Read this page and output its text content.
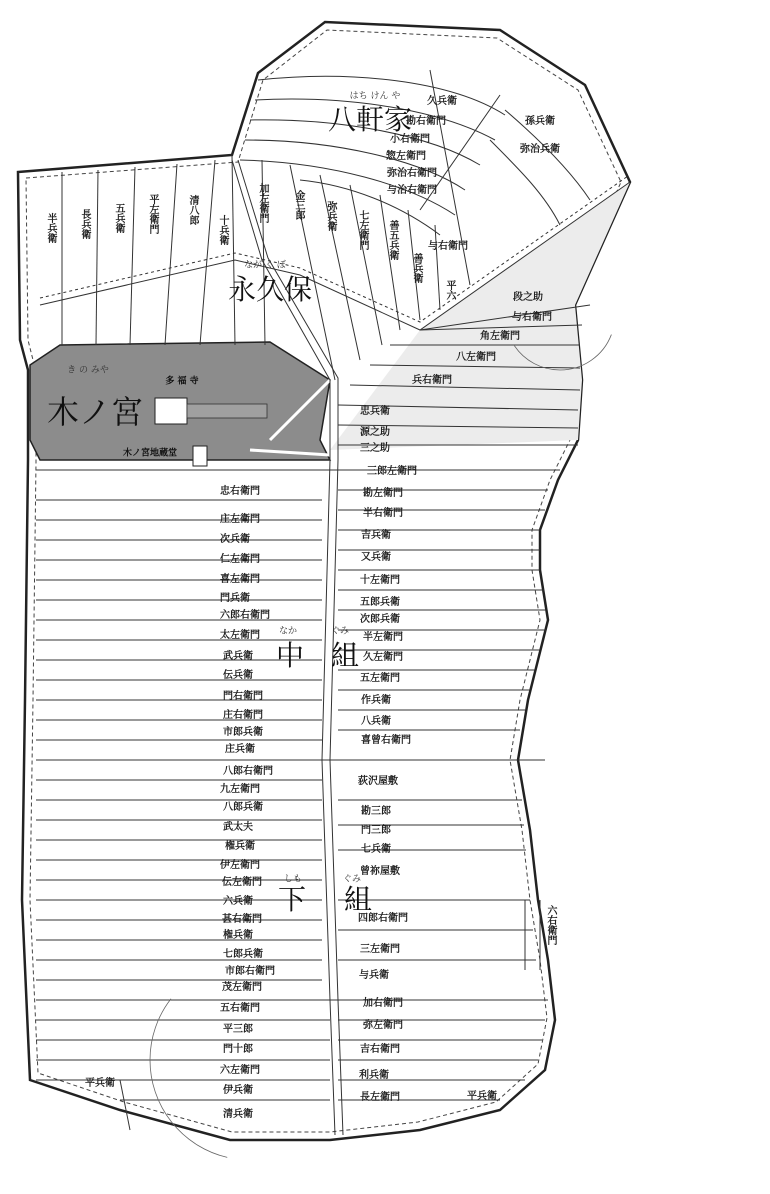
はち けん や
八軒家
なが く ぼ
永久保
き の みや
木ノ宮
なか
中
ぐみ
組
しも
下
ぐみ
組
多 福 寺
木ノ宮地蔵堂
荻沢屋敷
曾祢屋敷
半兵衛 長兵衛 五兵衛 平左衛門	清八郎
十兵衛
加左衛門	金三郎 弥兵衛 七左衛門 善五兵衛
善兵衛
平六
久兵衛
勘右衛門
小右衛門
惣左衛門
弥治右衛門
与治右衛門
与右衛門
孫兵衛
弥治兵衛
段之助
与右衛門
角左衛門
八左衛門
兵右衛門
忠兵衛
源之助
三之助
忠右衛門
庄左衛門
次兵衛
仁左衛門
喜左衛門
門兵衛
六郎右衛門
太左衛門
武兵衛
伝兵衛
門右衛門
庄右衛門
市郎兵衛
庄兵衛
三郎左衛門
勘左衛門
半右衛門
吉兵衛
又兵衛
十左衛門
五郎兵衛
次郎兵衛
半左衛門
久左衛門
五左衛門
作兵衛
八兵衛
喜曾右衛門
八郎右衛門
九左衛門
八郎兵衛
武太夫
権兵衛
伊左衛門
伝左衛門
六兵衛
甚右衛門
権兵衛
七郎兵衛
市郎右衛門
茂左衛門
勘三郎
門三郎
七兵衛
四郎右衛門
三左衛門
与兵衛
六右衛門
五右衛門
平三郎
門十郎
六左衛門
伊兵衛
清兵衛
加右衛門
弥左衛門
吉右衛門
利兵衛
長左衛門
平兵衛
平兵衛
